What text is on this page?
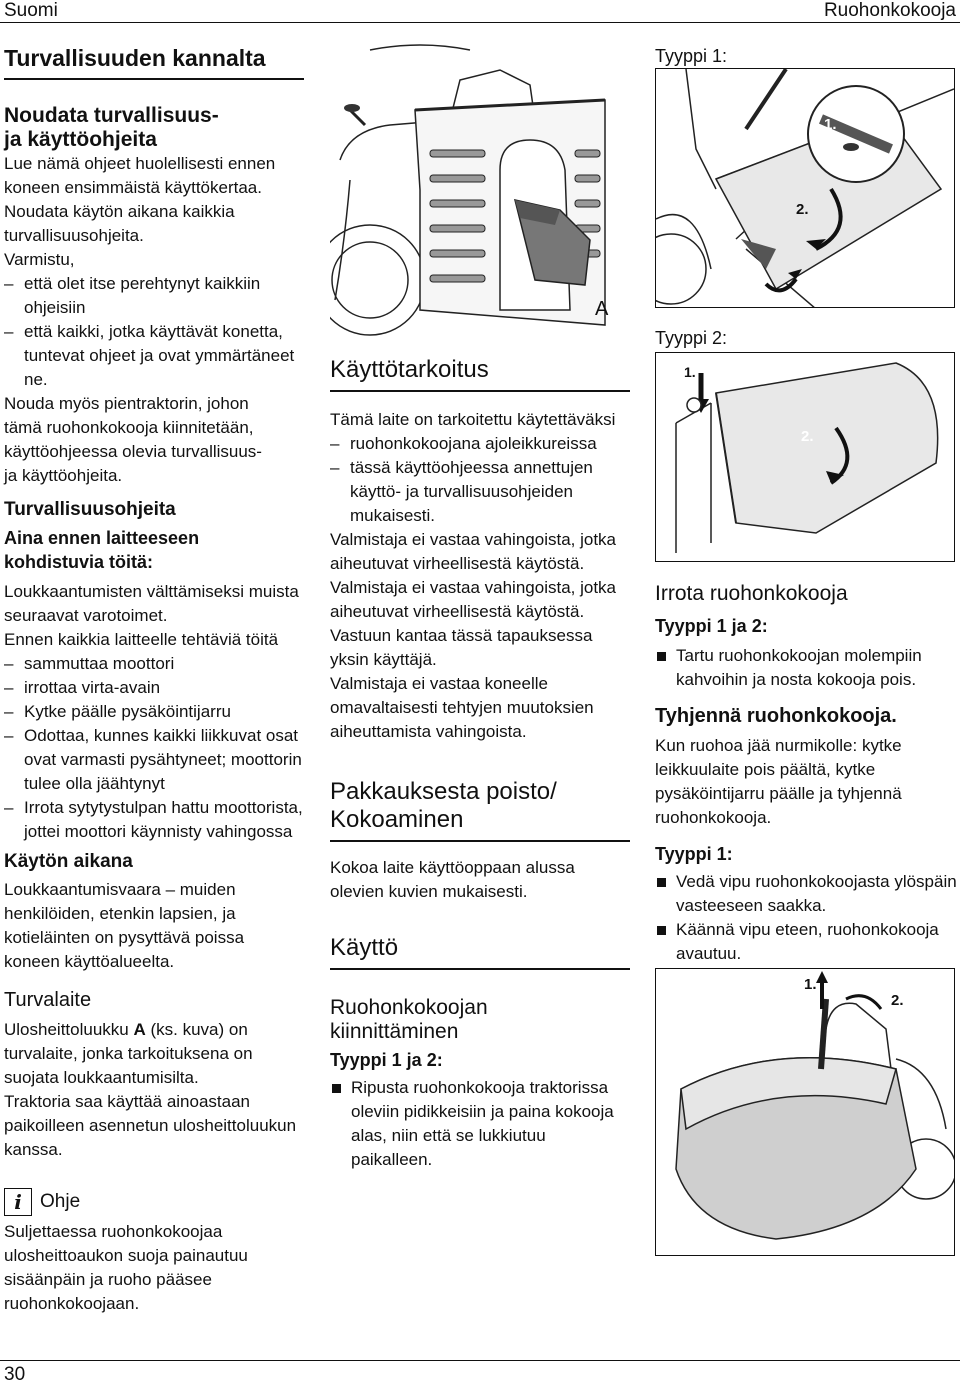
Suomi	Ruohonkokooja

Turvallisuuden kannalta

Noudata turvallisuus-

ja käyttöohjeita

Lue nämä ohjeet huolellisesti ennen koneen ensimmäistä käyttökertaa.

Noudata käytön aikana kaikkia turvallisuusohjeita.

Varmistu,

– että olet itse perehtynyt kaikkiin ohjeisiin
– että kaikki, jotka käyttävät konetta, tuntevat ohjeet ja ovat ymmärtäneet ne.

Nouda myös pientraktorin, johon

tämä ruohonkokooja kiinnitetään,

käyttöohjeessa olevia turvallisuus-

ja käyttöohjeita.

Turvallisuusohjeita

Aina ennen laitteeseen

kohdistuvia töitä:

Loukkaantumisten välttämiseksi muista seuraavat varotoimet.

Ennen kaikkia laitteelle tehtäviä töitä

– sammuttaa moottori
– irrottaa virta-avain
– Kytke päälle pysäköintijarru
– Odottaa, kunnes kaikki liikkuvat osat ovat varmasti pysähtyneet; moottorin tulee olla jäähtynyt
– Irrota sytytystulpan hattu moottorista, jottei moottori käynnisty vahingossa

Käytön aikana

Loukkaantumisvaara – muiden henkilöiden, etenkin lapsien, ja kotieläinten on pysyttävä poissa koneen käyttöalueelta.

Turvalaite

Ulosheittoluukku A (ks. kuva) on turvalaite, jonka tarkoituksena on suojata loukkaantumisilta.

Traktoria saa käyttää ainoastaan paikoilleen asennetun ulosheittoluukun kanssa.

i Ohje

Suljettaessa ruohonkokoojaa ulosheittoaukon suoja painautuu sisäänpäin ja ruoho pääsee ruohonkokoojaan.

A

Käyttötarkoitus

Tämä laite on tarkoitettu käytettäväksi

– ruohonkokoojana ajoleikkureissa
– tässä käyttöohjeessa annettujen käyttö- ja turvallisuusohjeiden mukaisesti.

Valmistaja ei vastaa vahingoista, jotka aiheutuvat virheellisestä käytöstä. Valmistaja ei vastaa vahingoista, jotka aiheutuvat virheellisestä käytöstä.

Vastuun kantaa tässä tapauksessa yksin käyttäjä.

Valmistaja ei vastaa koneelle omavaltaisesti tehtyjen muutoksien aiheuttamista vahingoista.

Pakkauksesta poisto/

Kokoaminen

Kokoa laite käyttöoppaan alussa olevien kuvien mukaisesti.

Käyttö

Ruohonkokoojan

kiinnittäminen

Tyyppi 1 ja 2:

Ripusta ruohonkokooja traktorissa oleviin pidikkeisiin ja paina kokooja alas, niin että se lukkiutuu paikalleen.

Tyyppi 1:

1.
2.

Tyyppi 2:

1.
2.

Irrota ruohonkokooja

Tyyppi 1 ja 2:

Tartu ruohonkokoojan molempiin kahvoihin ja nosta kokooja pois.

Tyhjennä ruohonkokooja.

Kun ruohoa jää nurmikolle: kytke leikkuulaite pois päältä, kytke pysäköintijarru päälle ja tyhjennä ruohonkokooja.

Tyyppi 1:

Vedä vipu ruohonkokoojasta ylöspäin vasteeseen saakka.
Käännä vipu eteen, ruohonkokooja avautuu.
1.
2.
30
